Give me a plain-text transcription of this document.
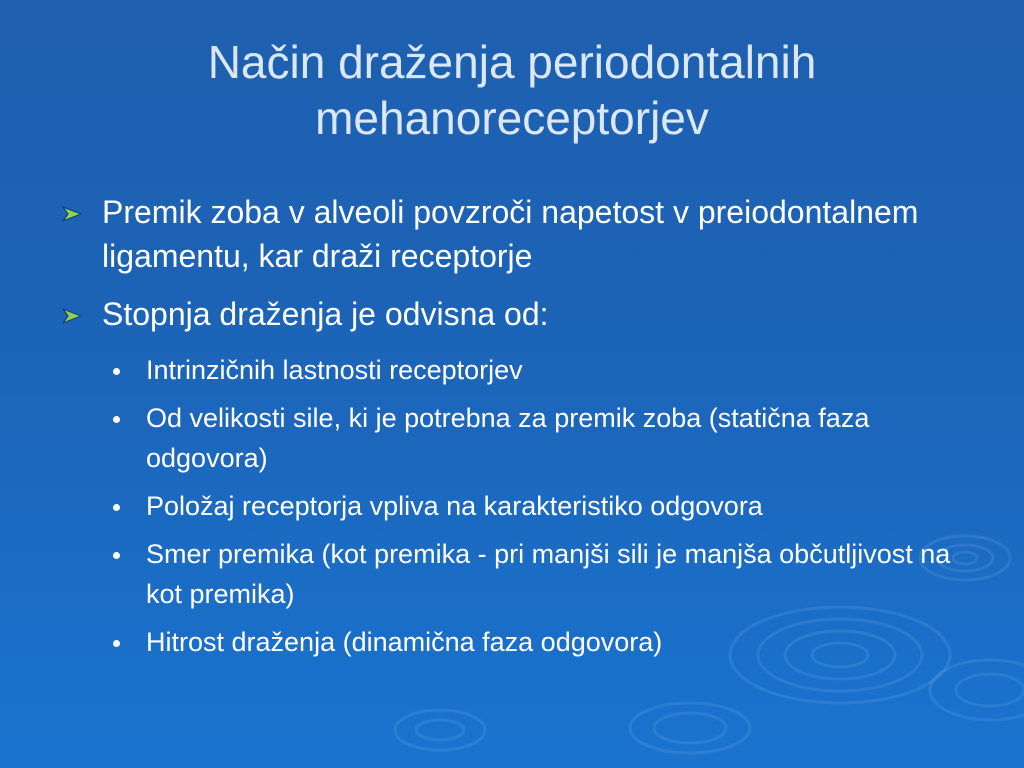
Način draženja periodontalnih
mehanoreceptorjev
Premik zoba v alveoli povzroči napetost v preiodontalnem ligamentu, kar draži receptorje
Stopnja draženja je odvisna od:
Intrinzičnih lastnosti receptorjev
Od velikosti sile, ki je potrebna za premik zoba (statična faza odgovora)
Položaj receptorja vpliva na karakteristiko odgovora
Smer premika (kot premika - pri manjši sili je manjša občutljivost na kot premika)
Hitrost draženja (dinamična faza odgovora)
